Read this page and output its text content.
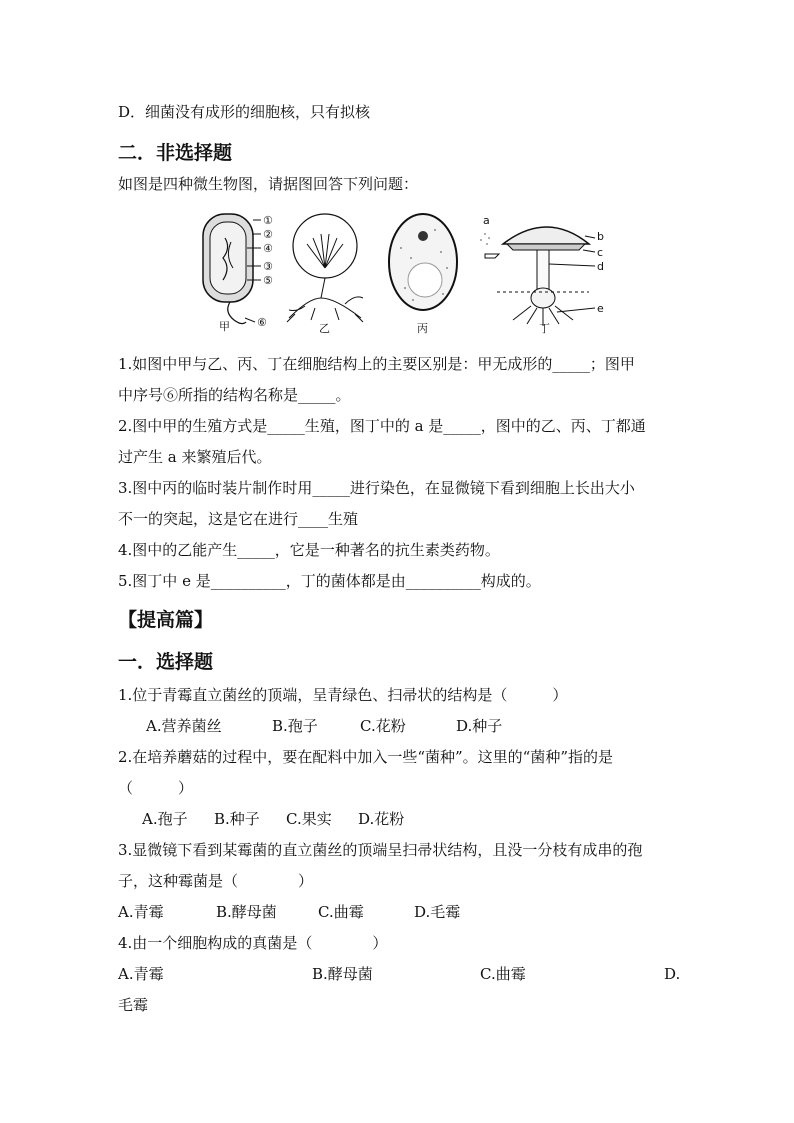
D．细菌没有成形的细胞核，只有拟核
二．非选择题
如图是四种微生物图，请据图回答下列问题：
①
②
④
③
⑤
⑥
甲	乙	丙
a
b
c
d
e
丁
1.如图中甲与乙、丙、丁在细胞结构上的主要区别是：甲无成形的_____；图甲
中序号⑥所指的结构名称是_____。
2.图中甲的生殖方式是_____生殖，图丁中的 a 是_____，图中的乙、丙、丁都通
过产生 a 来繁殖后代。
3.图中丙的临时装片制作时用_____进行染色，在显微镜下看到细胞上长出大小
不一的突起，这是它在进行____生殖
4.图中的乙能产生_____，它是一种著名的抗生素类药物。
5.图丁中 e 是__________，丁的菌体都是由__________构成的。
【提高篇】
一．选择题
1.位于青霉直立菌丝的顶端，呈青绿色、扫帚状的结构是（　　　）
A.营养菌丝	B.孢子	C.花粉	D.种子
2.在培养蘑菇的过程中，要在配料中加入一些“菌种”。这里的“菌种”指的是
（　　　）
A.孢子 B.种子 C.果实 D.花粉
3.显微镜下看到某霉菌的直立菌丝的顶端呈扫帚状结构，且没一分枝有成串的孢
子，这种霉菌是（　　　　）
A.青霉	B.酵母菌	C.曲霉	D.毛霉
4.由一个细胞构成的真菌是（　　　　）
A.青霉	B.酵母菌	C.曲霉	D.
毛霉
